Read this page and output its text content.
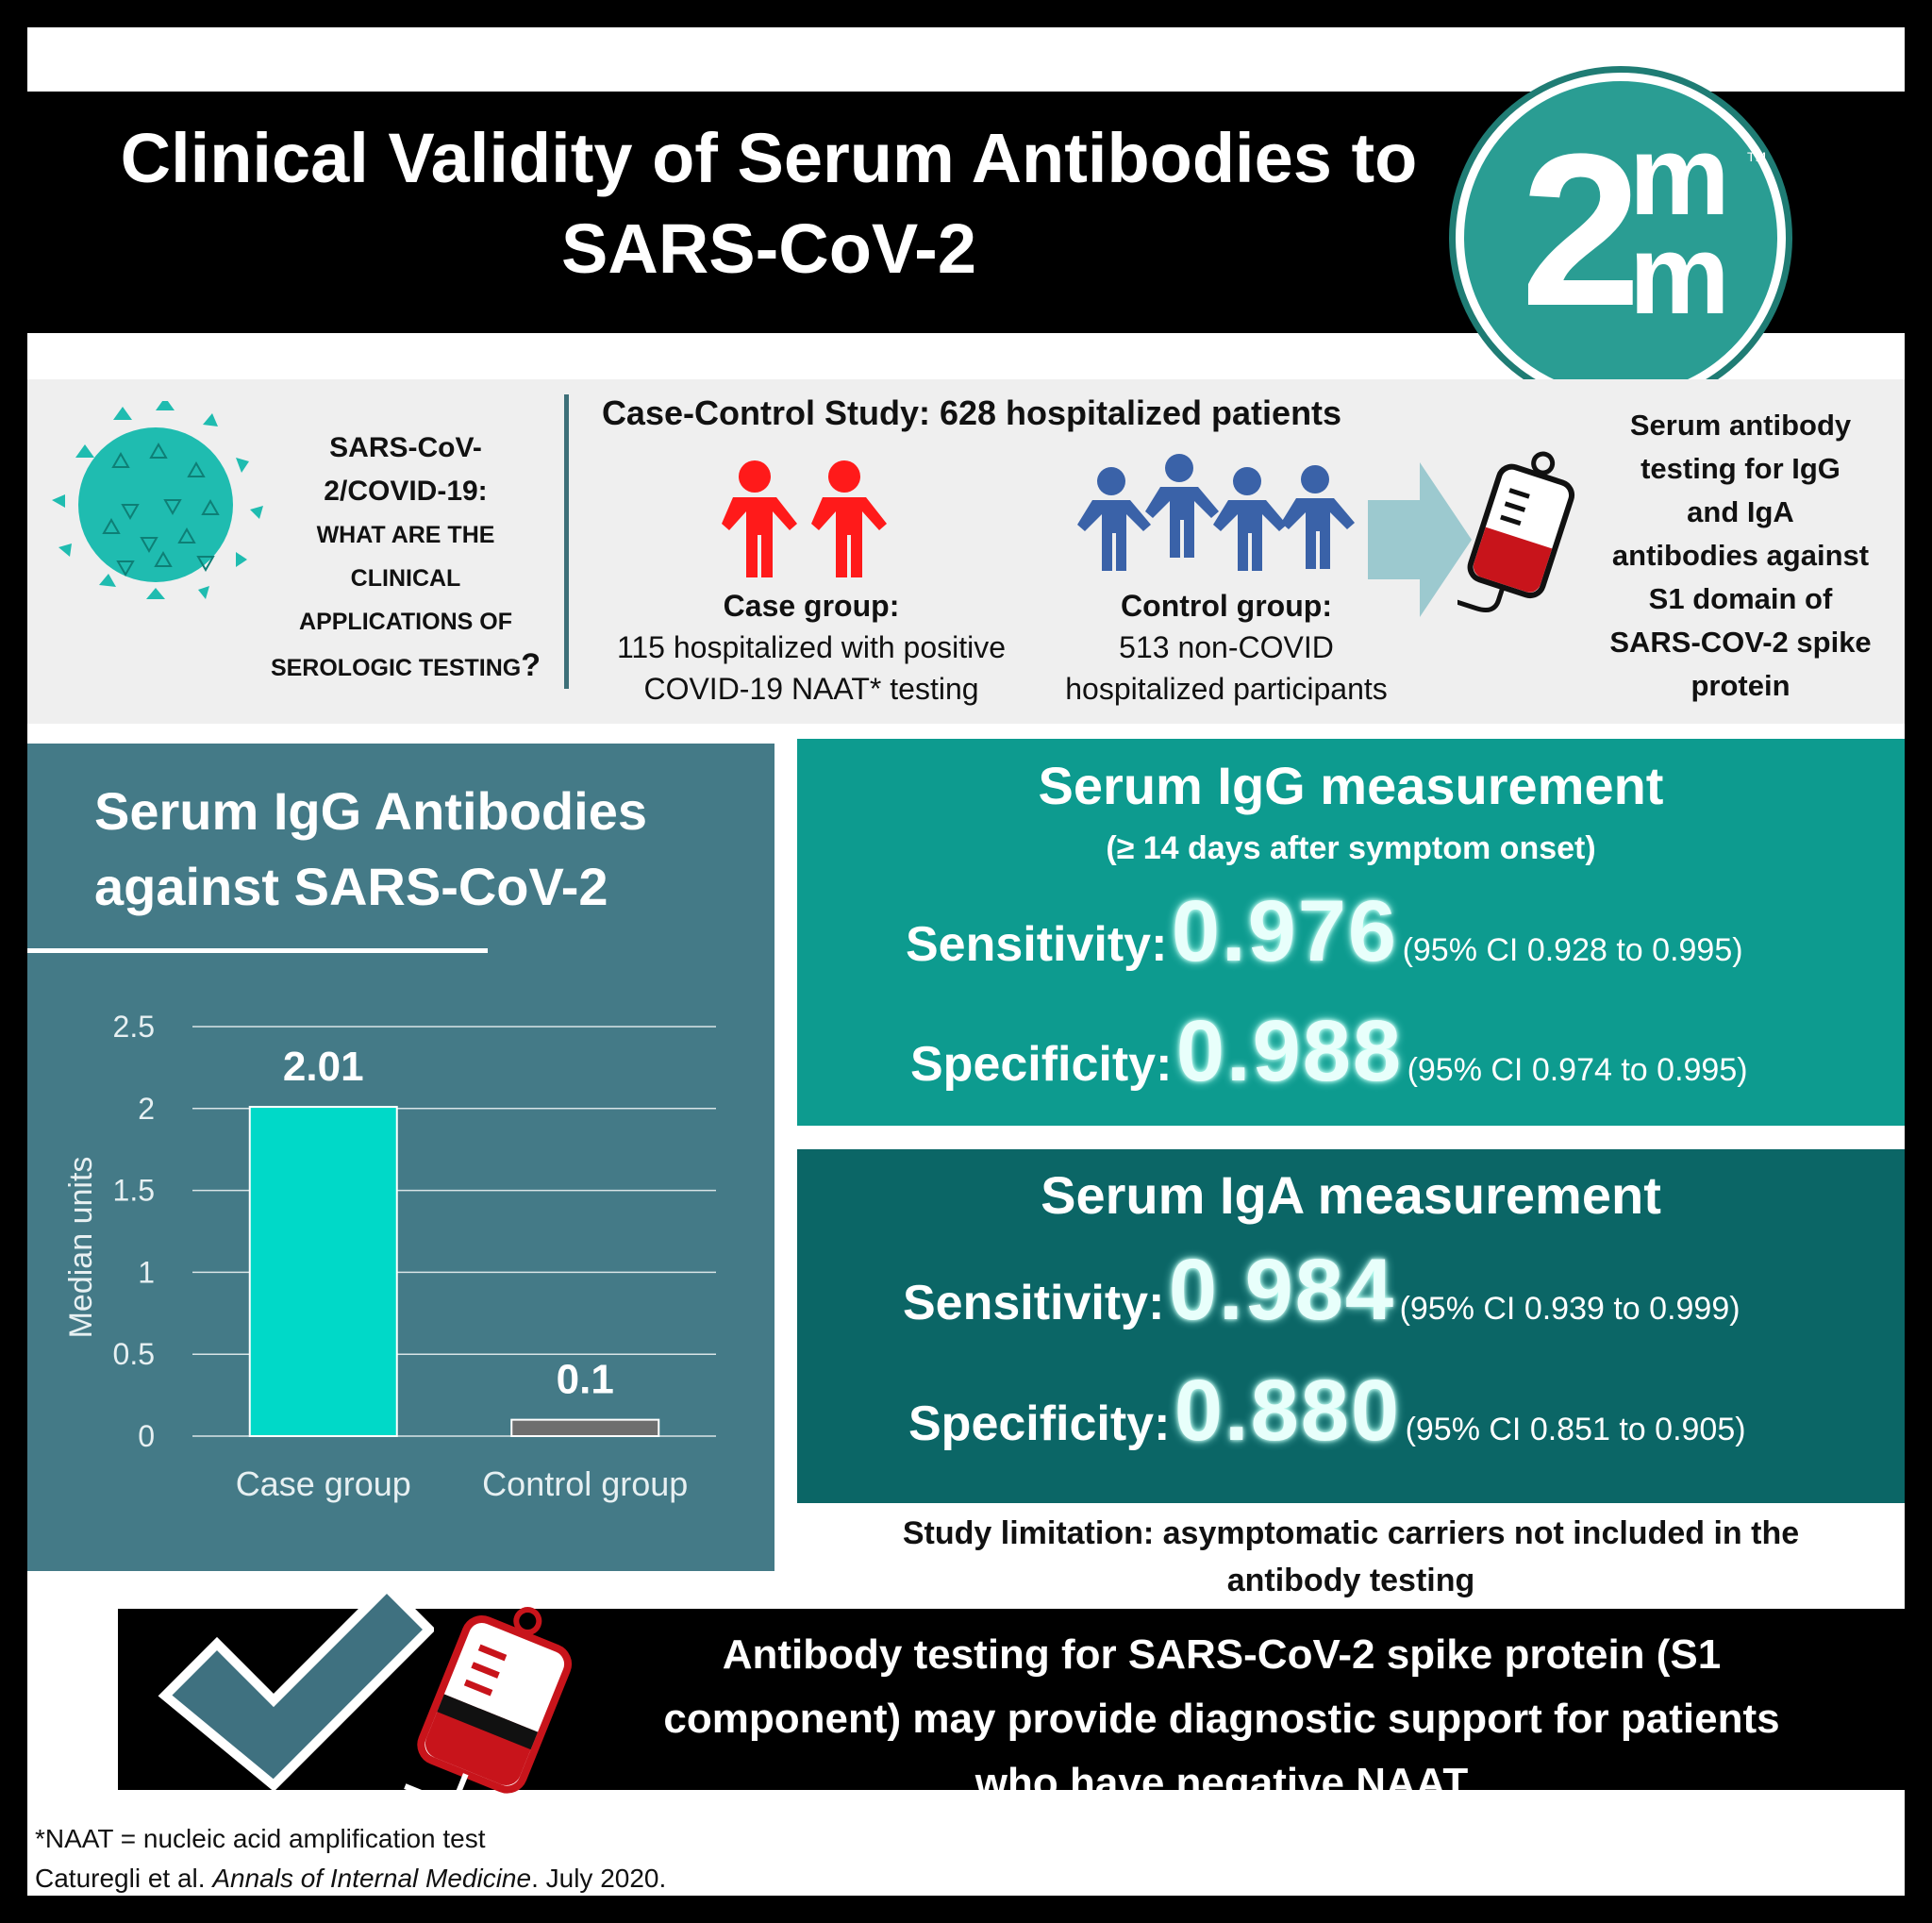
Clinical Validity of Serum Antibodies to
SARS-CoV-2	2
m
m
TM
SARS-CoV-
2/COVID-19:
WHAT ARE THE
CLINICAL
APPLICATIONS OF
SEROLOGIC TESTING?
Case-Control Study: 628 hospitalized patients
Case group:
115 hospitalized with positive
COVID-19 NAAT* testing
Control group:
513 non-COVID
hospitalized participants
Serum antibody
testing for IgG
and IgA
antibodies against
S1 domain of
SARS-COV-2 spike
protein
Serum IgG Antibodies
against SARS-CoV-2
0
0.5
1
1.5
2
2.5
Case group Control group
2.01
0.1
Median units
Serum IgG measurement
(≥ 14 days after symptom onset)
Sensitivity: 0.976 (95% CI 0.928 to 0.995)
Specificity: 0.988 (95% CI 0.974 to 0.995)
Serum IgA measurement
Sensitivity: 0.984 (95% CI 0.939 to 0.999)
Specificity: 0.880 (95% CI 0.851 to 0.905)
Study limitation: asymptomatic carriers not included in the
antibody testing
Antibody testing for SARS-CoV-2 spike protein (S1
component) may provide diagnostic support for patients
who have negative NAAT
*NAAT = nucleic acid amplification test
Caturegli et al. Annals of Internal Medicine. July 2020.
